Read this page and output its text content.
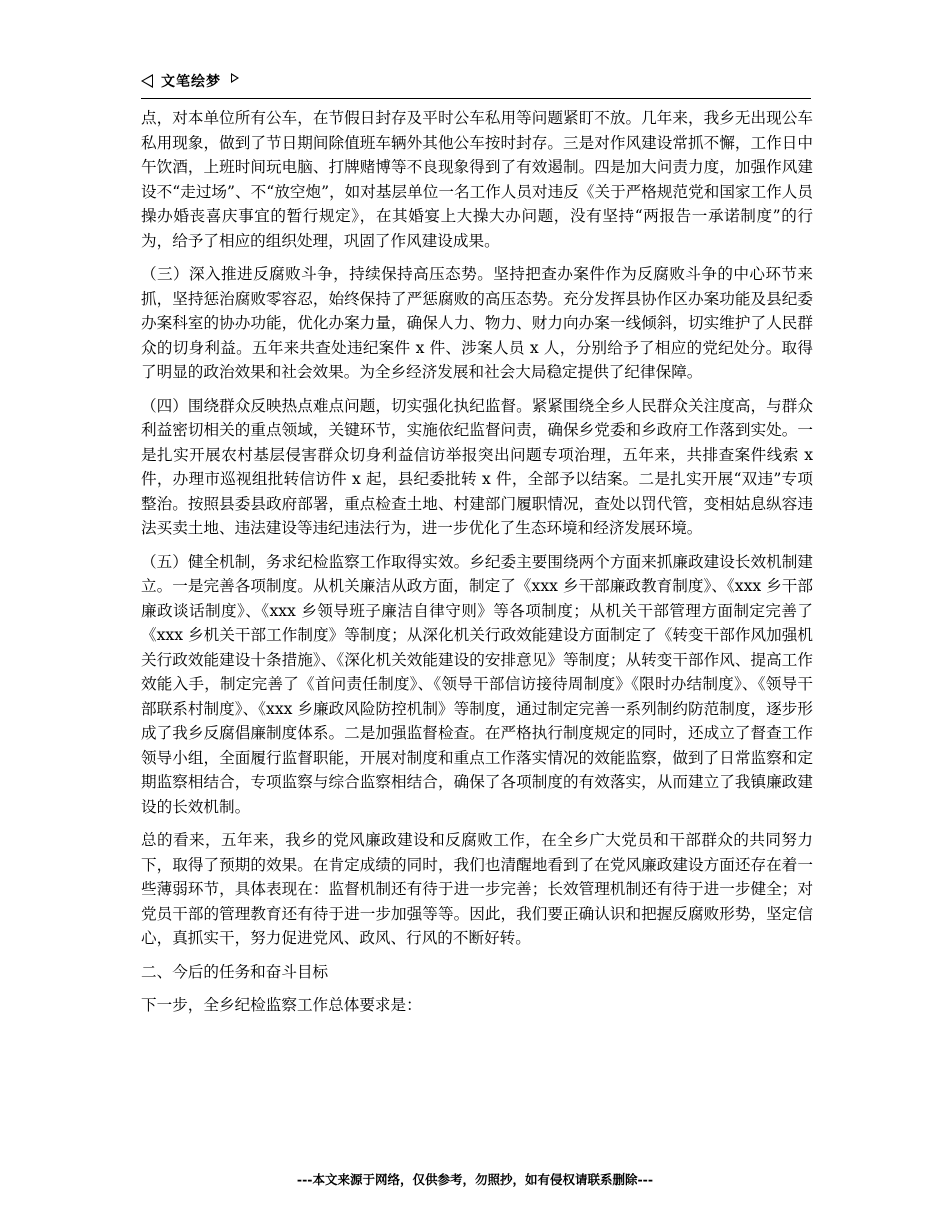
文笔绘梦

点，对本单位所有公车，在节假日封存及平时公车私用等问题紧盯不放。几年来，我乡无出现公车私用现象，做到了节日期间除值班车辆外其他公车按时封存。三是对作风建设常抓不懈，工作日中午饮酒，上班时间玩电脑、打牌赌博等不良现象得到了有效遏制。四是加大问责力度，加强作风建设不“走过场”、不“放空炮”，如对基层单位一名工作人员对违反《关于严格规范党和国家工作人员操办婚丧喜庆事宜的暂行规定》，在其婚宴上大操大办问题，没有坚持“两报告一承诺制度”的行为，给予了相应的组织处理，巩固了作风建设成果。

（三）深入推进反腐败斗争，持续保持高压态势。坚持把查办案件作为反腐败斗争的中心环节来抓，坚持惩治腐败零容忍，始终保持了严惩腐败的高压态势。充分发挥县协作区办案功能及县纪委办案科室的协办功能，优化办案力量，确保人力、物力、财力向办案一线倾斜，切实维护了人民群众的切身利益。五年来共查处违纪案件 x 件、涉案人员 x 人，分别给予了相应的党纪处分。取得了明显的政治效果和社会效果。为全乡经济发展和社会大局稳定提供了纪律保障。

（四）围绕群众反映热点难点问题，切实强化执纪监督。紧紧围绕全乡人民群众关注度高，与群众利益密切相关的重点领域，关键环节，实施依纪监督问责，确保乡党委和乡政府工作落到实处。一是扎实开展农村基层侵害群众切身利益信访举报突出问题专项治理，五年来，共排查案件线索 x 件，办理市巡视组批转信访件 x 起，县纪委批转 x 件，全部予以结案。二是扎实开展“双违”专项整治。按照县委县政府部署，重点检查土地、村建部门履职情况，查处以罚代管，变相姑息纵容违法买卖土地、违法建设等违纪违法行为，进一步优化了生态环境和经济发展环境。

（五）健全机制，务求纪检监察工作取得实效。乡纪委主要围绕两个方面来抓廉政建设长效机制建立。一是完善各项制度。从机关廉洁从政方面，制定了《xxx 乡干部廉政教育制度》、《xxx 乡干部廉政谈话制度》、《xxx 乡领导班子廉洁自律守则》等各项制度；从机关干部管理方面制定完善了《xxx 乡机关干部工作制度》等制度；从深化机关行政效能建设方面制定了《转变干部作风加强机关行政效能建设十条措施》、《深化机关效能建设的安排意见》等制度；从转变干部作风、提高工作效能入手，制定完善了《首问责任制度》、《领导干部信访接待周制度》《限时办结制度》、《领导干部联系村制度》、《xxx 乡廉政风险防控机制》等制度，通过制定完善一系列制约防范制度，逐步形成了我乡反腐倡廉制度体系。二是加强监督检查。在严格执行制度规定的同时，还成立了督查工作领导小组，全面履行监督职能，开展对制度和重点工作落实情况的效能监察，做到了日常监察和定期监察相结合，专项监察与综合监察相结合，确保了各项制度的有效落实，从而建立了我镇廉政建设的长效机制。

总的看来，五年来，我乡的党风廉政建设和反腐败工作，在全乡广大党员和干部群众的共同努力下，取得了预期的效果。在肯定成绩的同时，我们也清醒地看到了在党风廉政建设方面还存在着一些薄弱环节，具体表现在：监督机制还有待于进一步完善；长效管理机制还有待于进一步健全；对党员干部的管理教育还有待于进一步加强等等。因此，我们要正确认识和把握反腐败形势，坚定信心，真抓实干，努力促进党风、政风、行风的不断好转。

二、今后的任务和奋斗目标

下一步，全乡纪检监察工作总体要求是：

---本文来源于网络，仅供参考，勿照抄，如有侵权请联系删除---
